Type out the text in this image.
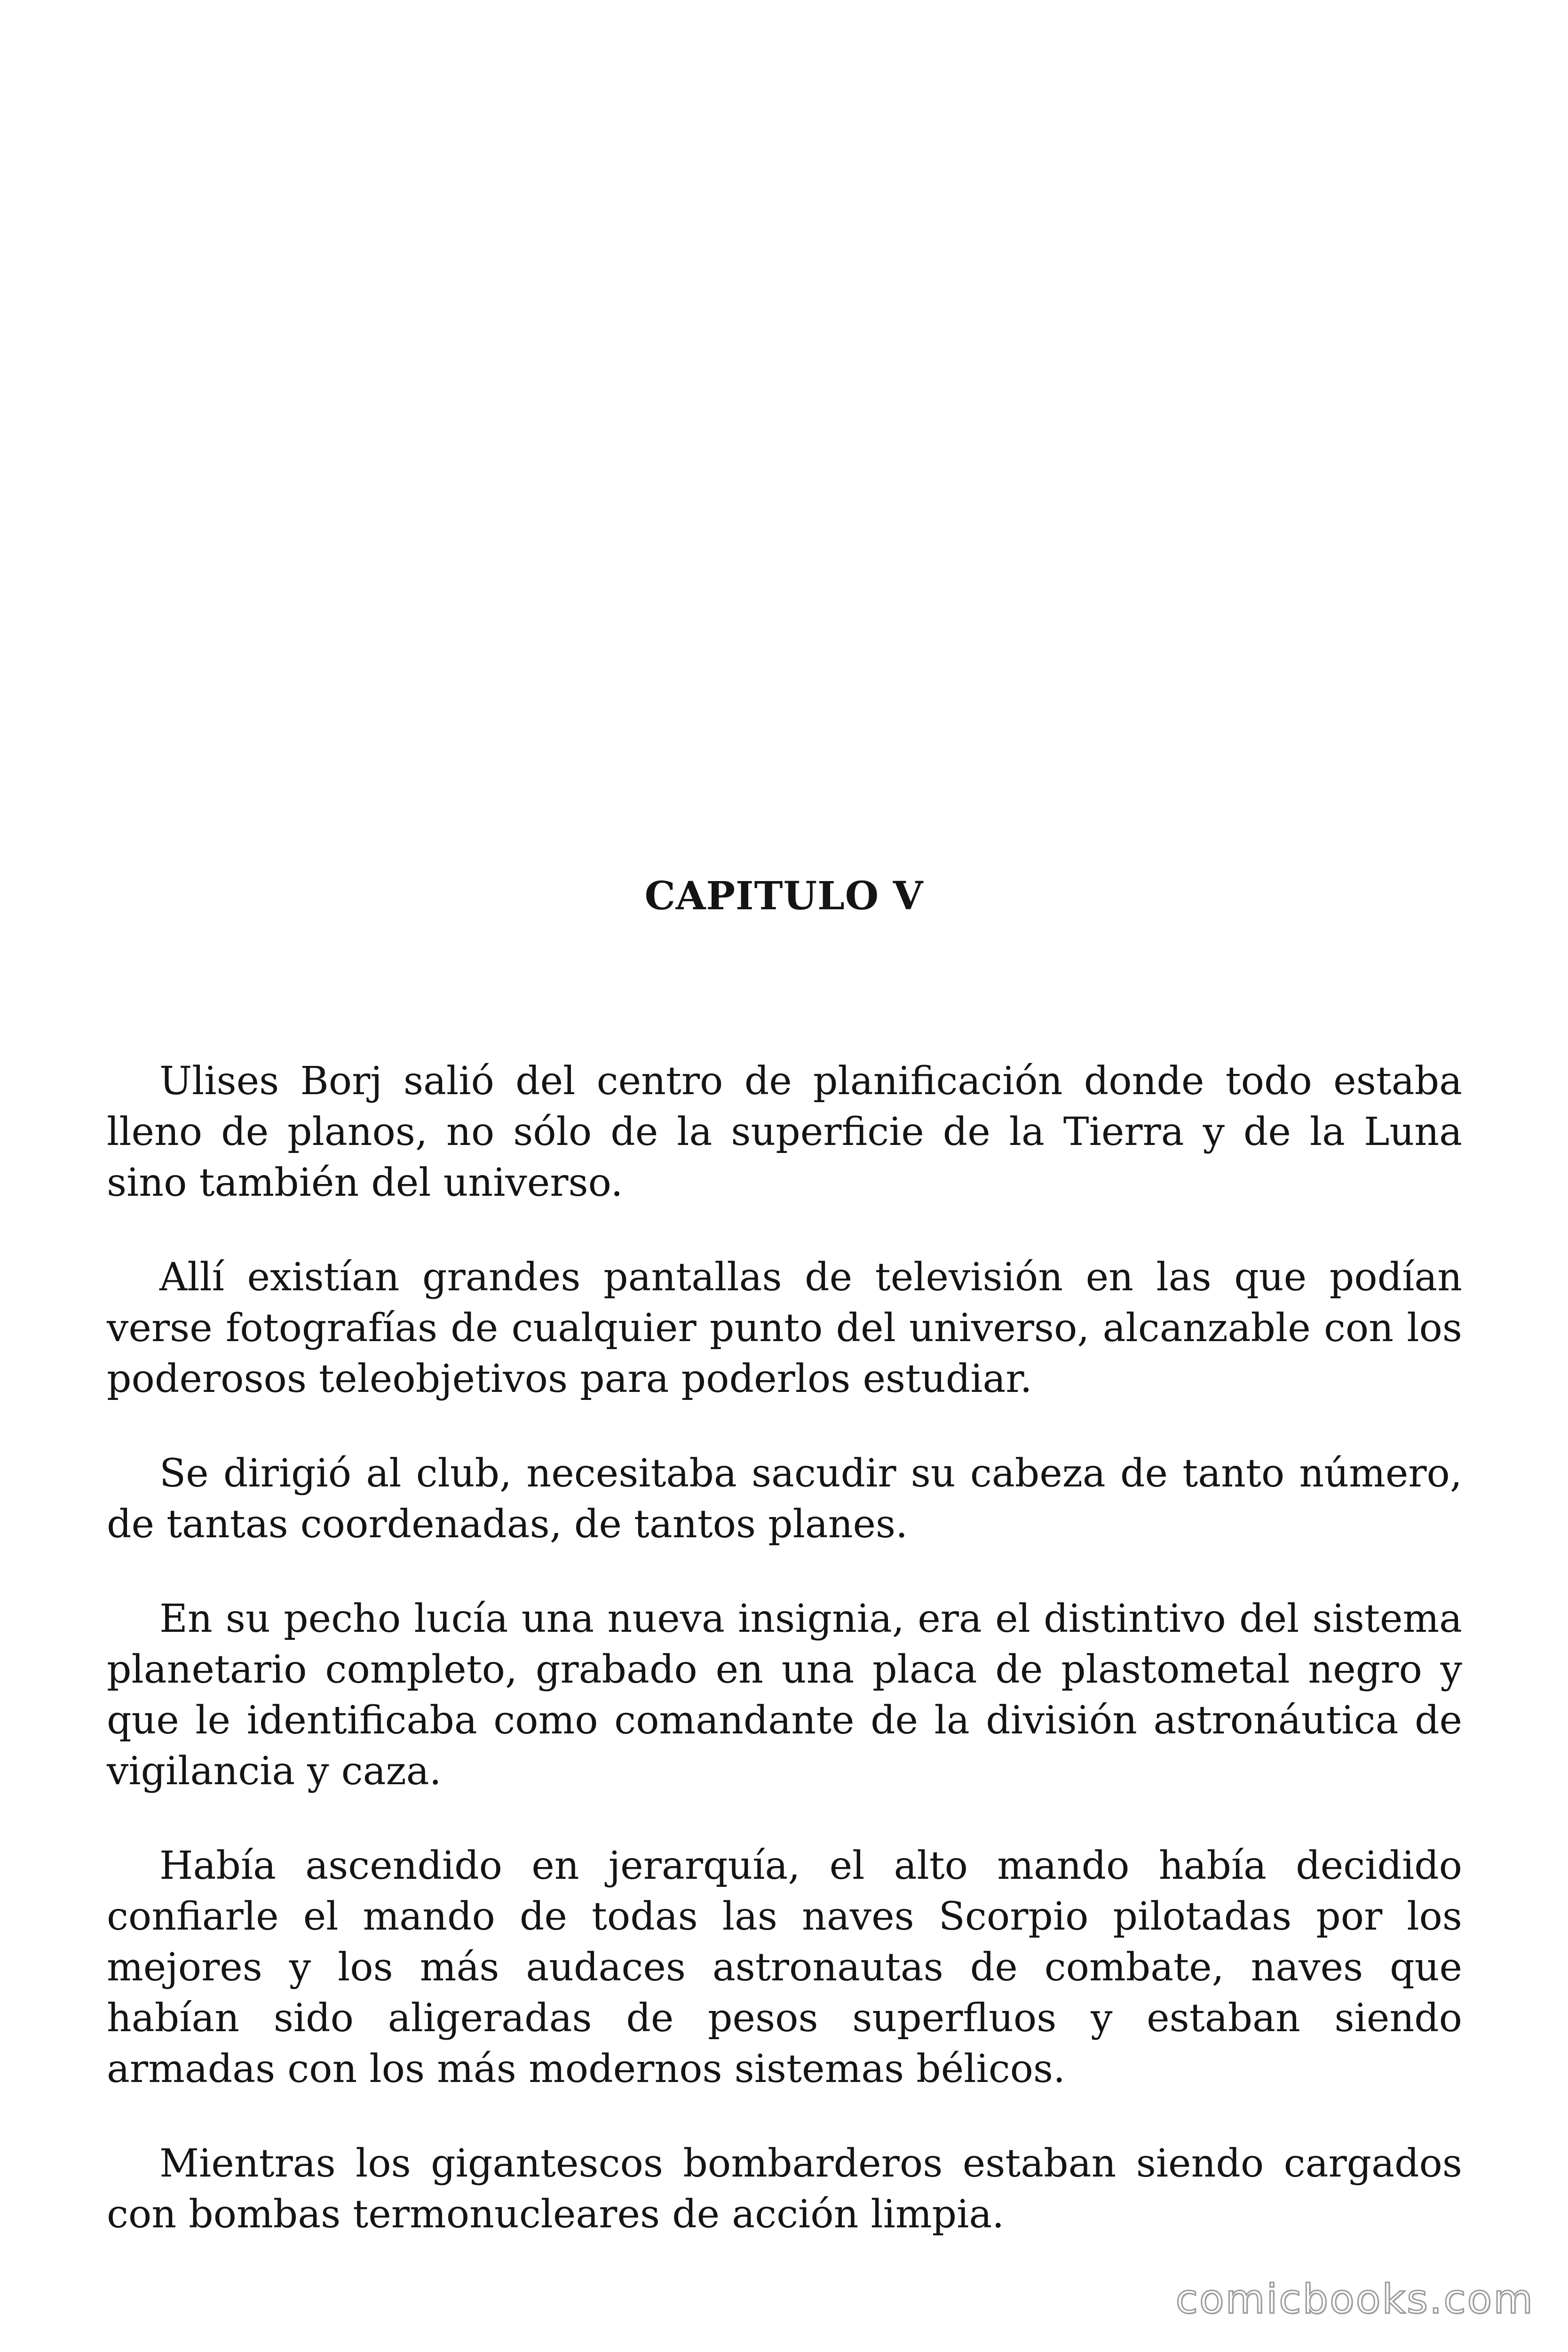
CAPITULO V

Ulises Borj salió del centro de planificación donde todo estaba lleno de planos, no sólo de la superficie de la Tierra y de la Luna sino también del universo.

Allí existían grandes pantallas de televisión en las que podían verse fotografías de cualquier punto del universo, alcanzable con los poderosos teleobjetivos para poderlos estudiar.

Se dirigió al club, necesitaba sacudir su cabeza de tanto número, de tantas coordenadas, de tantos planes.

En su pecho lucía una nueva insignia, era el distintivo del sistema planetario completo, grabado en una placa de plastometal negro y que le identificaba como comandante de la división astronáutica de vigilancia y caza.

Había ascendido en jerarquía, el alto mando había decidido confiarle el mando de todas las naves Scorpio pilotadas por los mejores y los más audaces astronautas de combate, naves que habían sido aligeradas de pesos superfluos y estaban siendo armadas con los más modernos sistemas bélicos.

Mientras los gigantescos bombarderos estaban siendo cargados con bombas termonucleares de acción limpia.

comicbooks.com
